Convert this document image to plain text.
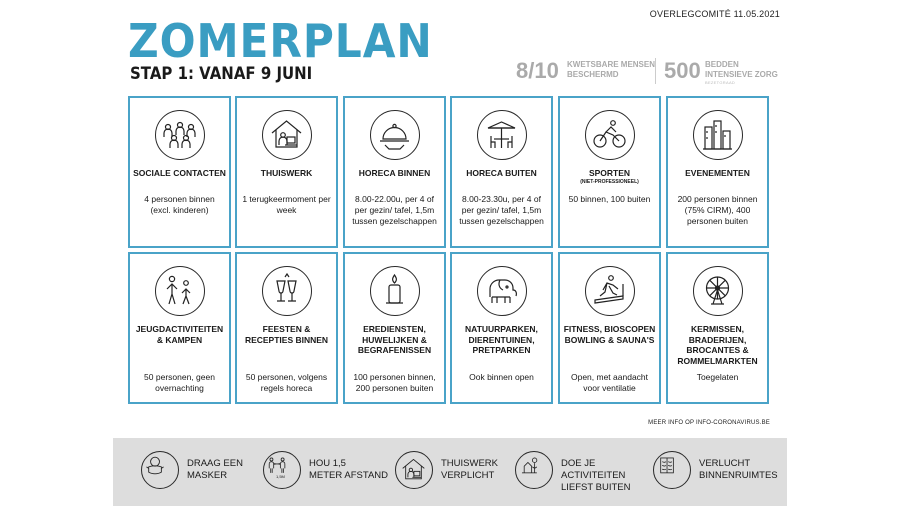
OVERLEGCOMITÉ 11.05.2021
ZOMERPLAN
STAP 1: VANAF 9 JUNI	8/10 KWETSBARE MENSEN BESCHERMD	500 BEDDEN INTENSIEVE ZORG
BEZETGRAAD
SOCIALE CONTACTEN
4 personen binnen (excl. kinderen)
THUISWERK
1 terugkeermoment per week
HORECA BINNEN
8.00-22.00u, per 4 of per gezin/ tafel, 1,5m tussen gezelschappen
HORECA BUITEN
8.00-23.30u, per 4 of per gezin/ tafel, 1,5m tussen gezelschappen
SPORTEN
(NIET-PROFESSIONEEL)
50 binnen, 100 buiten
EVENEMENTEN
200 personen binnen (75% CIRM), 400 personen buiten
JEUGDACTIVITEITEN & KAMPEN
50 personen, geen overnachting
FEESTEN & RECEPTIES BINNEN
50 personen, volgens regels horeca
EREDIENSTEN, HUWELIJKEN & BEGRAFENISSEN
100 personen binnen, 200 personen buiten
NATUURPARKEN, DIERENTUINEN, PRETPARKEN
Ook binnen open
FITNESS, BIOSCOPEN BOWLING & SAUNA'S
Open, met aandacht voor ventilatie
KERMISSEN, BRADERIJEN, BROCANTES & ROMMELMARKTEN
Toegelaten
MEER INFO OP INFO-CORONAVIRUS.BE
DRAAG EEN
MASKER	1,5M
HOU 1,5
METER AFSTAND
THUISWERK
VERPLICHT
DOE JE ACTIVITEITEN
LIEFST BUITEN
VERLUCHT
BINNENRUIMTES
